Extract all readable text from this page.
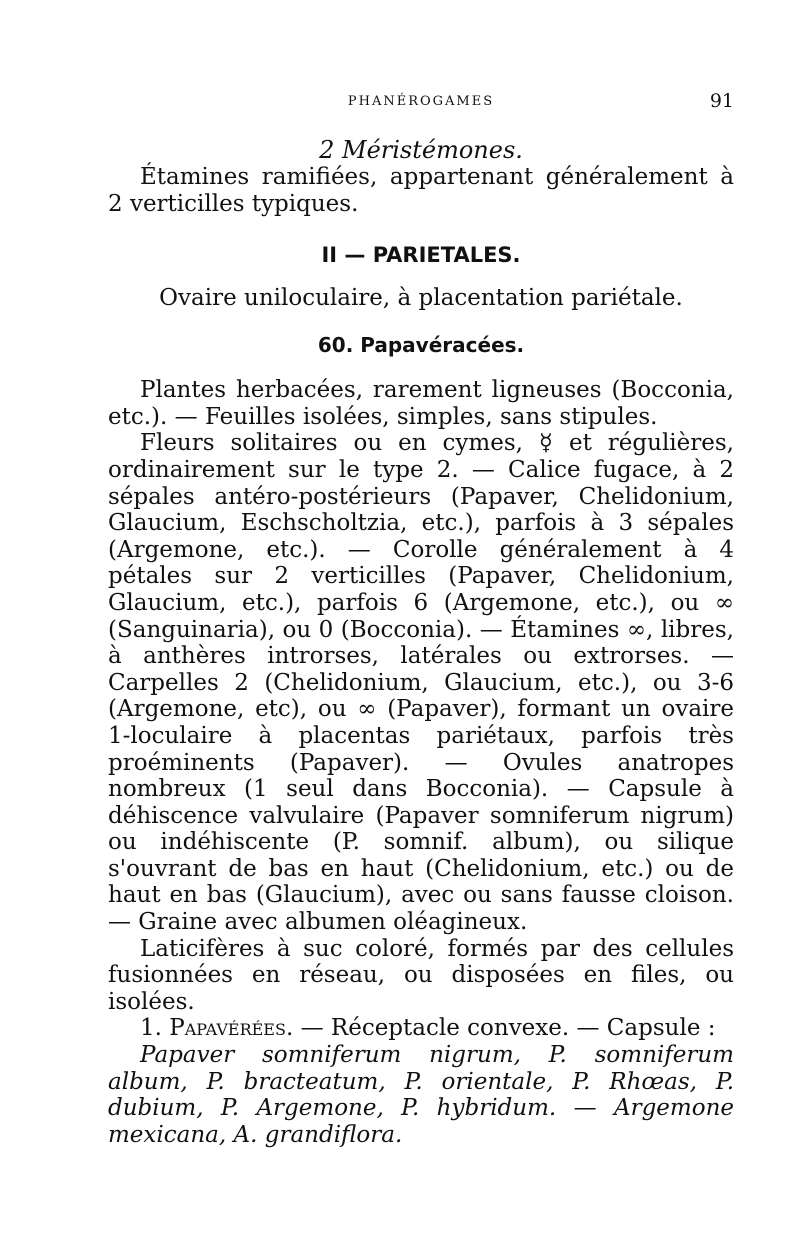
PHANÉROGAMES	91
2 Méristémones.

Étamines ramifiées, appartenant généralement à 2 verticilles typiques.

II — PARIETALES.
Ovaire uniloculaire, à placentation pariétale.
60. Papavéracées.

Plantes herbacées, rarement ligneuses (Bocconia, etc.). — Feuilles isolées, simples, sans stipules.

Fleurs solitaires ou en cymes, ☿ et régulières, ordinairement sur le type 2. — Calice fugace, à 2 sépales antéro-postérieurs (Papaver, Chelidonium, Glaucium, Eschscholtzia, etc.), parfois à 3 sépales (Argemone, etc.). — Corolle généralement à 4 pétales sur 2 verticilles (Papaver, Chelidonium, Glaucium, etc.), parfois 6 (Argemone, etc.), ou ∞ (Sanguinaria), ou 0 (Bocconia). — Étamines ∞, libres, à anthères introrses, latérales ou extrorses. — Carpelles 2 (Chelidonium, Glaucium, etc.), ou 3-6 (Argemone, etc), ou ∞ (Papaver), formant un ovaire 1-loculaire à placentas pariétaux, parfois très proéminents (Papaver). — Ovules anatropes nombreux (1 seul dans Bocconia). — Capsule à déhiscence valvulaire (Papaver somniferum nigrum) ou indéhiscente (P. somnif. album), ou silique s'ouvrant de bas en haut (Chelidonium, etc.) ou de haut en bas (Glaucium), avec ou sans fausse cloison. — Graine avec albumen oléagineux.

Laticifères à suc coloré, formés par des cellules fusionnées en réseau, ou disposées en files, ou isolées.

1. Papavérées. — Réceptacle convexe. — Capsule :

Papaver somniferum nigrum, P. somniferum album, P. bracteatum, P. orientale, P. Rhœas, P. dubium, P. Argemone, P. hybridum. — Argemone mexicana, A. grandiflora.
